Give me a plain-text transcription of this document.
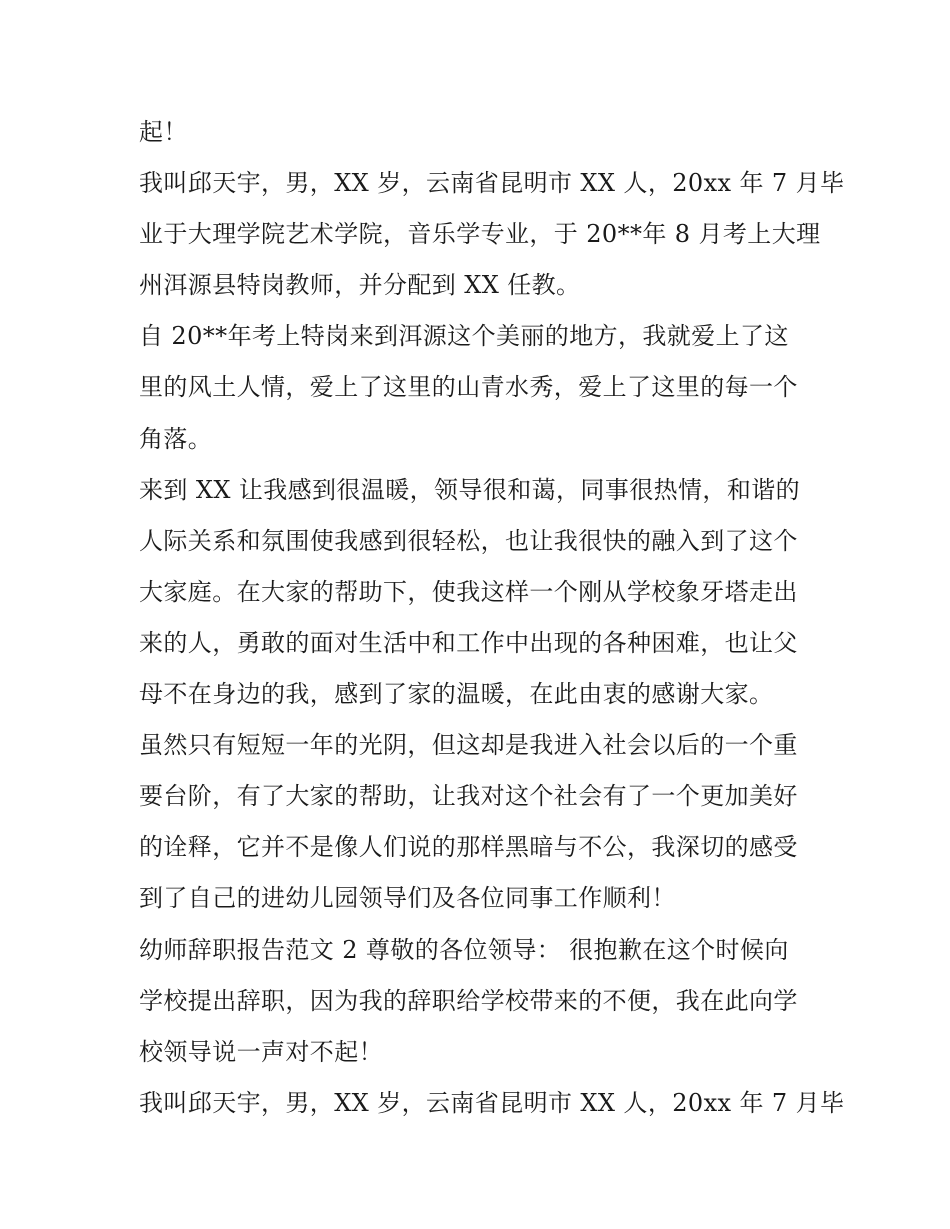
起！
我叫邱天宇，男，XX 岁，云南省昆明市 XX 人，20xx 年 7 月毕
业于大理学院艺术学院，音乐学专业，于 20**年 8 月考上大理
州洱源县特岗教师，并分配到 XX 任教。
自 20**年考上特岗来到洱源这个美丽的地方，我就爱上了这
里的风土人情，爱上了这里的山青水秀，爱上了这里的每一个
角落。
来到 XX 让我感到很温暖，领导很和蔼，同事很热情，和谐的
人际关系和氛围使我感到很轻松，也让我很快的融入到了这个
大家庭。在大家的帮助下，使我这样一个刚从学校象牙塔走出
来的人，勇敢的面对生活中和工作中出现的各种困难，也让父
母不在身边的我，感到了家的温暖，在此由衷的感谢大家。
虽然只有短短一年的光阴，但这却是我进入社会以后的一个重
要台阶，有了大家的帮助，让我对这个社会有了一个更加美好
的诠释，它并不是像人们说的那样黑暗与不公，我深切的感受
到了自己的进幼儿园领导们及各位同事工作顺利！
幼师辞职报告范文 2 尊敬的各位领导： 很抱歉在这个时候向
学校提出辞职，因为我的辞职给学校带来的不便，我在此向学
校领导说一声对不起！
我叫邱天宇，男，XX 岁，云南省昆明市 XX 人，20xx 年 7 月毕
